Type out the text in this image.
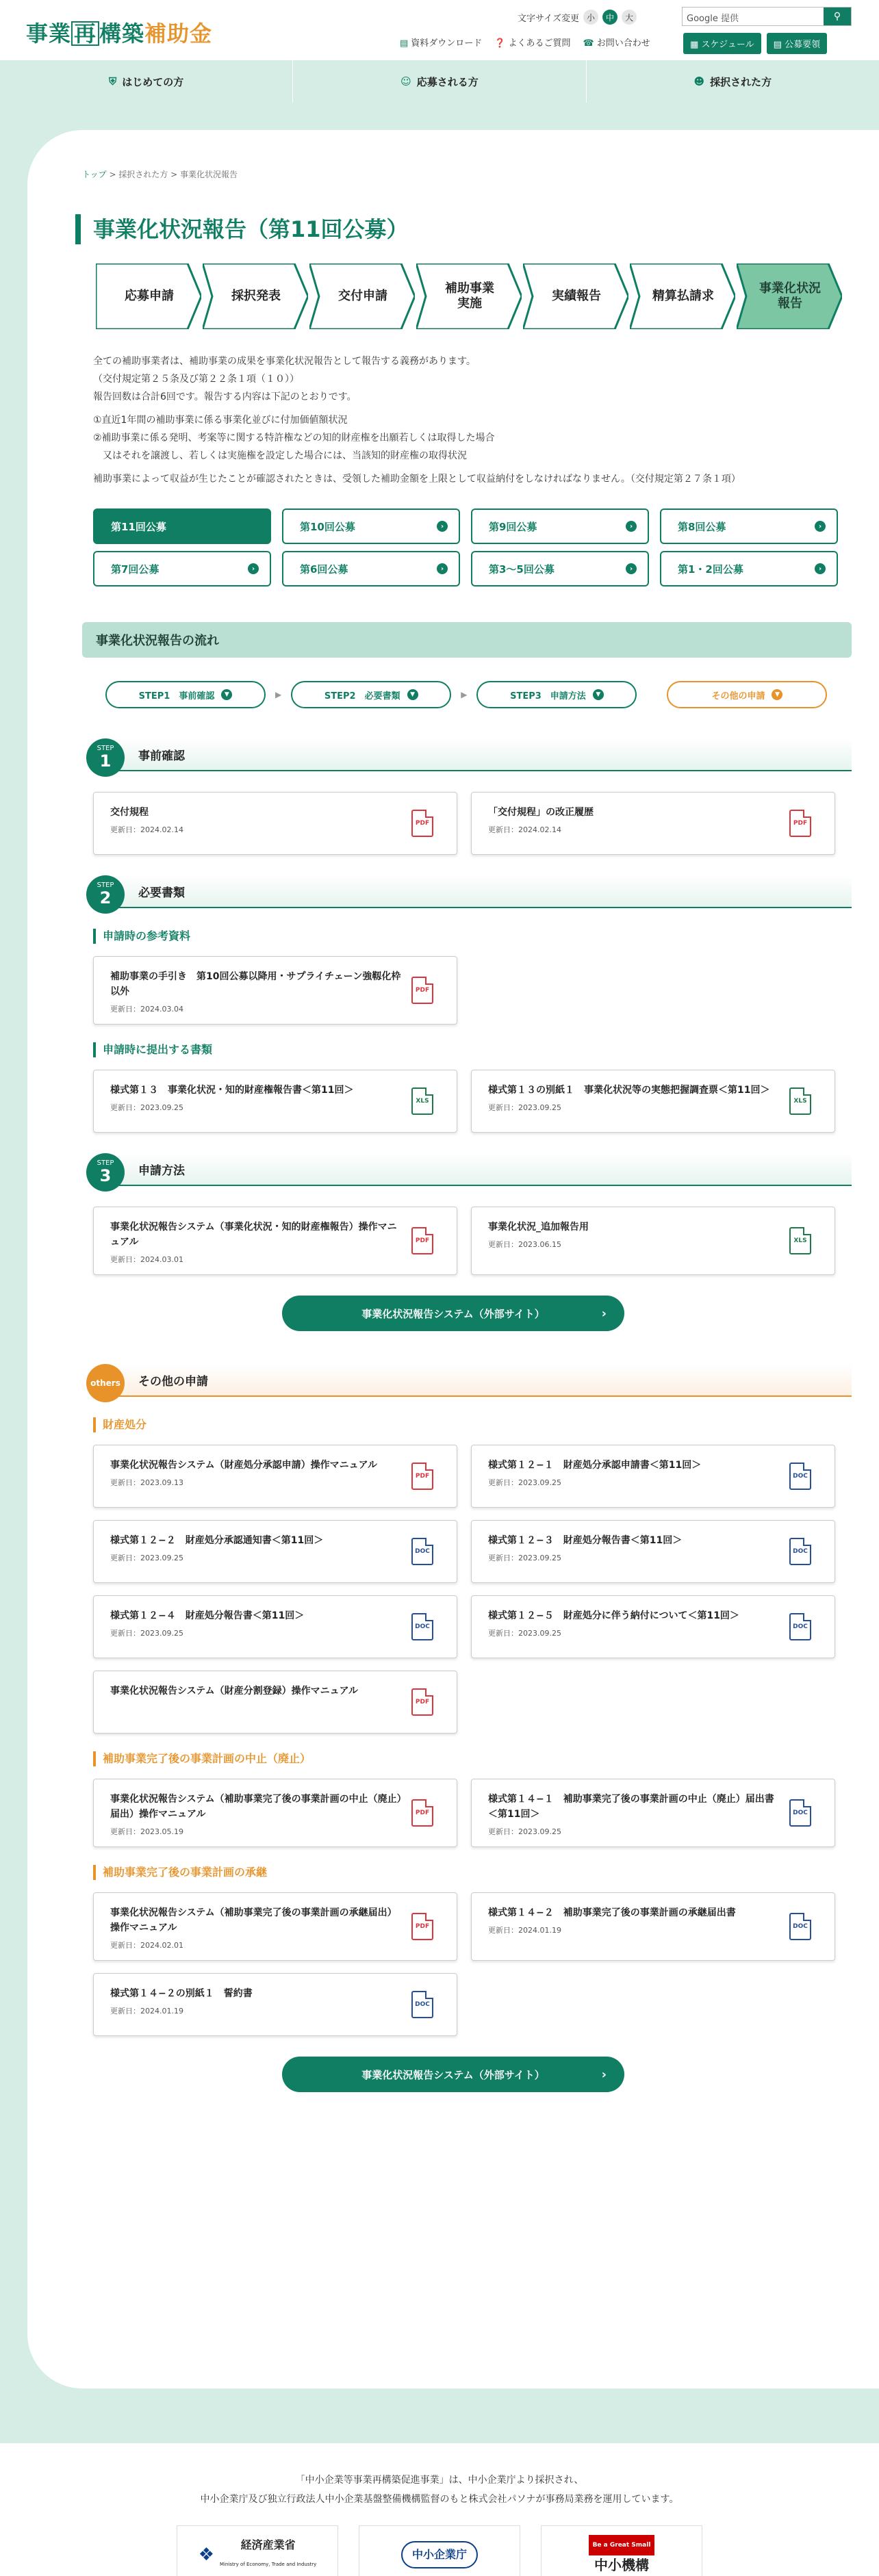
事業 再 構築補助金
文字サイズ変更 小	中	大	Google 提供	⚲
▤ 資料ダウンロード ❓ よくあるご質問 ☎ お問い合わせ	▦ スケジュール	▤ 公募要領
⛨ はじめての方	☺ 応募される方	☻ 採択された方
トップ > 採択された方 > 事業化状況報告
事業化状況報告（第11回公募）
応募申請	採択発表	交付申請
補助事業
実施
実績報告	精算払請求
事業化状況
報告

全ての補助事業者は、補助事業の成果を事業化状況報告として報告する義務があります。
（交付規定第２５条及び第２２条１項（１０））
報告回数は合計6回です。報告する内容は下記のとおりです。

①直近1年間の補助事業に係る事業化並びに付加価値額状況
②補助事業に係る発明、考案等に関する特許権などの知的財産権を出願若しくは取得した場合
　又はそれを譲渡し、若しくは実施権を設定した場合には、当該知的財産権の取得状況

補助事業によって収益が生じたことが確認されたときは、受領した補助金額を上限として収益納付をしなければなりません。（交付規定第２７条１項）

第11回公募	第10回公募	›	第9回公募	›	第8回公募	›
第7回公募	›	第6回公募	›	第3〜5回公募	›	第1・2回公募	›
事業化状況報告の流れ
STEP1　事前確認	▼	▶	STEP2　必要書類	▼	▶	STEP3　申請方法	▼	その他の申請	▼
STEP
1	事前確認
交付規程
更新日：2024.02.14
PDF
「交付規程」の改正履歴
更新日：2024.02.14
PDF
STEP
2	必要書類
申請時の参考資料
補助事業の手引き　第10回公募以降用・サプライチェーン強靱化枠以外
更新日：2024.03.04
PDF
申請時に提出する書類
様式第１３　事業化状況・知的財産権報告書＜第11回＞
更新日：2023.09.25
XLS
様式第１３の別紙１　事業化状況等の実態把握調査票＜第11回＞
更新日：2023.09.25
XLS
STEP
3	申請方法
事業化状況報告システム（事業化状況・知的財産権報告）操作マニュアル
更新日：2024.03.01
PDF
事業化状況_追加報告用
更新日：2023.06.15	XLS
事業化状況報告システム（外部サイト）	›
others	その他の申請
財産処分
事業化状況報告システム（財産処分承認申請）操作マニュアル
更新日：2023.09.13
PDF
様式第１２−１　財産処分承認申請書＜第11回＞
更新日：2023.09.25
DOC
様式第１２−２　財産処分承認通知書＜第11回＞
更新日：2023.09.25
DOC
様式第１２−３　財産処分報告書＜第11回＞
更新日：2023.09.25
DOC
様式第１２−４　財産処分報告書＜第11回＞
更新日：2023.09.25
DOC
様式第１２−５　財産処分に伴う納付について＜第11回＞
更新日：2023.09.25
DOC
事業化状況報告システム（財産分割登録）操作マニュアル
PDF
補助事業完了後の事業計画の中止（廃止）
事業化状況報告システム（補助事業完了後の事業計画の中止（廃止）届出）操作マニュアル
更新日：2023.05.19
PDF
様式第１４−１　補助事業完了後の事業計画の中止（廃止）届出書＜第11回＞
更新日：2023.09.25
DOC
補助事業完了後の事業計画の承継
事業化状況報告システム（補助事業完了後の事業計画の承継届出）操作マニュアル
更新日：2024.02.01
PDF
様式第１４−２　補助事業完了後の事業計画の承継届出書
更新日：2024.01.19	DOC
様式第１４−２の別紙１　誓約書
更新日：2024.01.19
DOC
事業化状況報告システム（外部サイト）	›
「中小企業等事業再構築促進事業」は、中小企業庁より採択され、
中小企業庁及び独立行政法人中小企業基盤整備機構監督のもと株式会社パソナが事務局業務を運用しています。
❖	経済産業省
Ministry of Economy, Trade and Industry
中小企業庁
Be a Great Small
中小機構
